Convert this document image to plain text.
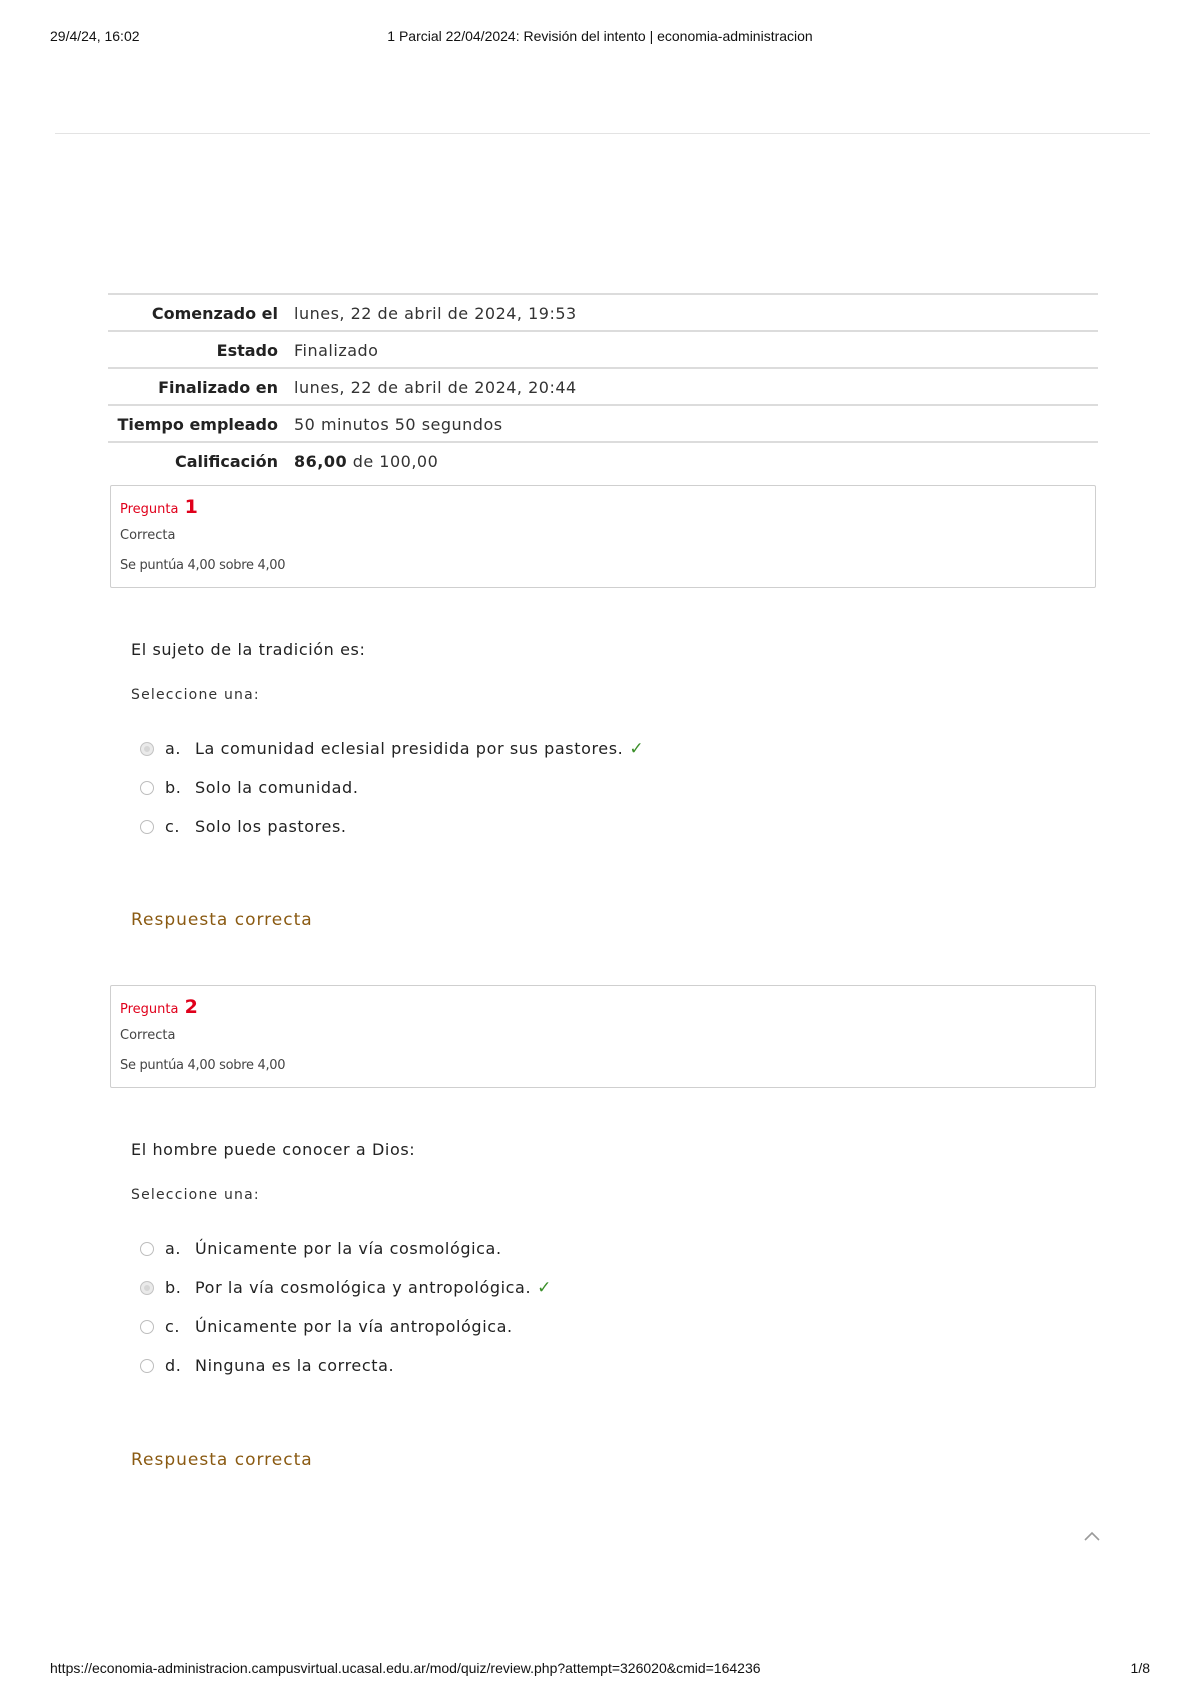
29/4/24, 16:02	1 Parcial 22/04/2024: Revisión del intento | economia-administracion
Comenzado el	lunes, 22 de abril de 2024, 19:53
Estado	Finalizado
Finalizado en	lunes, 22 de abril de 2024, 20:44
Tiempo empleado	50 minutos 50 segundos
Calificación	86,00 de 100,00
Pregunta 1
Correcta
Se puntúa 4,00 sobre 4,00
El sujeto de la tradición es:
Seleccione una:
a. La comunidad eclesial presidida por sus pastores. ✓
b. Solo la comunidad.
c. Solo los pastores.
Respuesta correcta
Pregunta 2
Correcta
Se puntúa 4,00 sobre 4,00
El hombre puede conocer a Dios:
Seleccione una:
a. Únicamente por la vía cosmológica.
b. Por la vía cosmológica y antropológica. ✓
c. Únicamente por la vía antropológica.
d. Ninguna es la correcta.
Respuesta correcta
https://economia-administracion.campusvirtual.ucasal.edu.ar/mod/quiz/review.php?attempt=326020&cmid=164236	1/8
